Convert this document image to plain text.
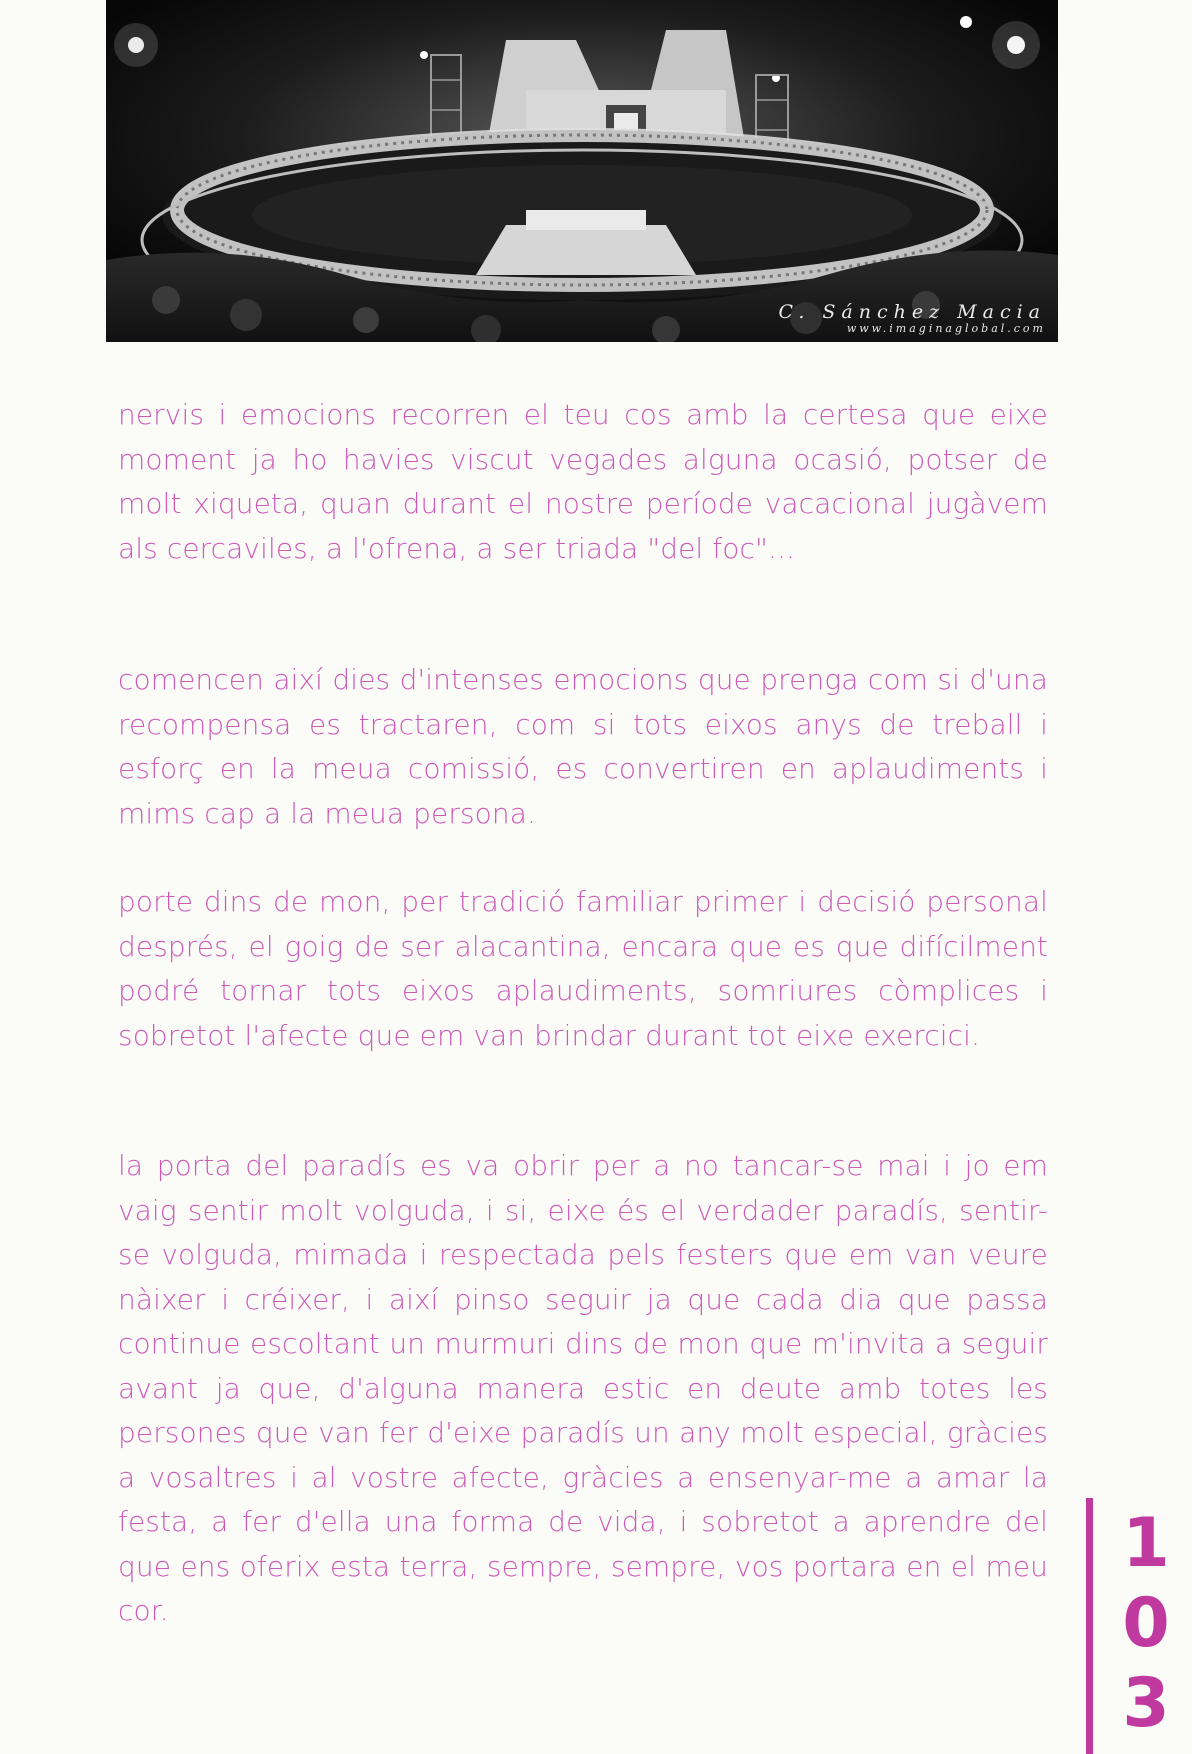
C. Sánchez Macia
www.imaginaglobal.com

nervis i emocions recorren el teu cos amb la certesa que eixe moment ja ho havies viscut vegades alguna ocasió, potser de molt xiqueta, quan durant el nostre període vacacional jugàvem als cercaviles, a l'ofrena, a ser triada "del foc"...

comencen així dies d'intenses emocions que prenga com si d'una recompensa es tractaren, com si tots eixos anys de treball i esforç en la meua comissió, es convertiren en aplaudiments i mims cap a la meua persona.

porte dins de mon, per tradició familiar primer i decisió personal després, el goig de ser alacantina, encara que es que difícilment podré tornar tots eixos aplaudiments, somriures còmplices i sobretot l'afecte que em van brindar durant tot eixe exercici.

la porta del paradís es va obrir per a no tancar-se mai i jo em vaig sentir molt volguda, i si, eixe és el verdader paradís, sentir-se volguda, mimada i respectada pels festers que em van veure nàixer i créixer, i així pinso seguir ja que cada dia que passa continue escoltant un murmuri dins de mon que m'invita a seguir avant ja que, d'alguna manera estic en deute amb totes les persones que van fer d'eixe paradís un any molt especial, gràcies a vosaltres i al vostre afecte, gràcies a ensenyar-me a amar la festa, a fer d'ella una forma de vida, i sobretot a aprendre del que ens oferix esta terra, sempre, sempre, vos portara en el meu cor.

1
0
3
